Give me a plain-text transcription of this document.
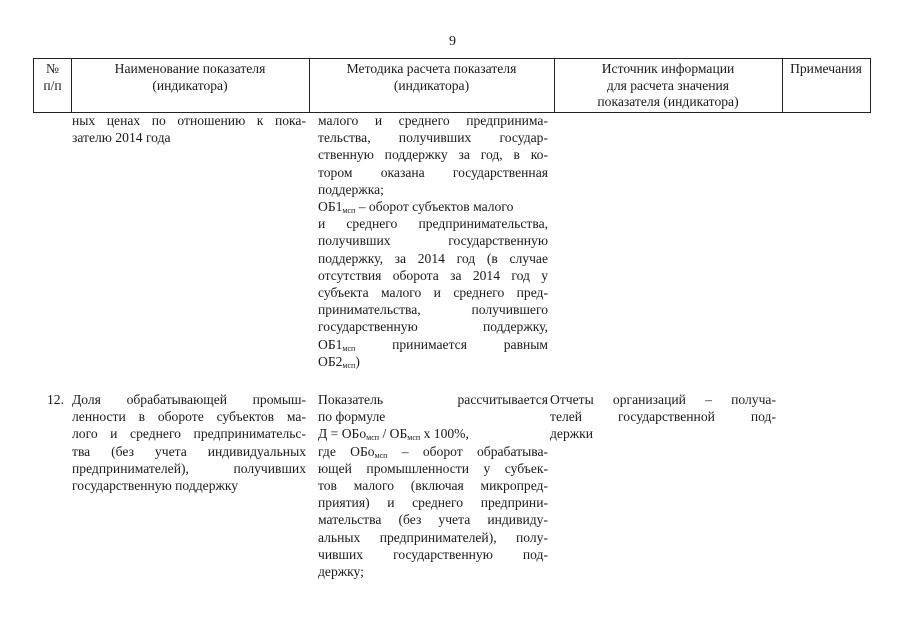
9
№
п/п
Наименование показателя
(индикатора)
Методика расчета показателя
(индикатора)
Источник информации
для расчета значения
показателя (индикатора)
Примечания
ных ценах по отношению к пока-
зателю 2014 года
малого и среднего предпринима-
тельства, получивших государ-
ственную поддержку за год, в ко-
тором оказана государственная
поддержка;
$ОБ1_{мсп}$ – оборот субъектов малого
и среднего предпринимательства,
получивших государственную
поддержку, за 2014 год (в случае
отсутствия оборота за 2014 год у
субъекта малого и среднего пред-
принимательства, получившего
государственную поддержку,
$ОБ1_{мсп}$ принимается равным
$ОБ2_{мсп}$)
12. Доля обрабатывающей промыш-
ленности в обороте субъектов ма-
лого и среднего предпринимательс-
тва (без учета индивидуальных
предпринимателей), получивших
государственную поддержку
Показатель рассчитывается
по формуле
$Д = ОБо_{мсп} / ОБ_{мсп}$ х 100%,
где ОБо$_{мсп}$ – оборот обрабатыва-
ющей промышленности у субъек-
тов малого (включая микропред-
приятия) и среднего предприни-
мательства (без учета индивиду-
альных предпринимателей), полу-
чивших государственную под-
держку;
Отчеты организаций – получа-
телей государственной под-
держки
